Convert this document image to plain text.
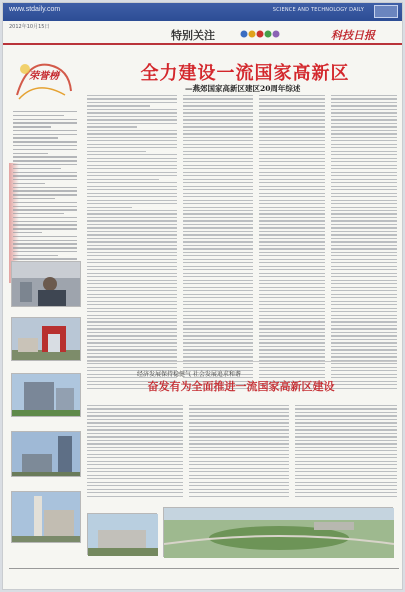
www.stdaily.com	SCIENCE AND TECHNOLOGY DAILY
2012年10月15日
特别关注	科技日报
全力建设一流国家高新区
—燕郊国家高新区建区20周年综述
荣誉榜
经济发展保持稳健气 社会发展追求和谐
奋发有为全面推进一流国家高新区建设
